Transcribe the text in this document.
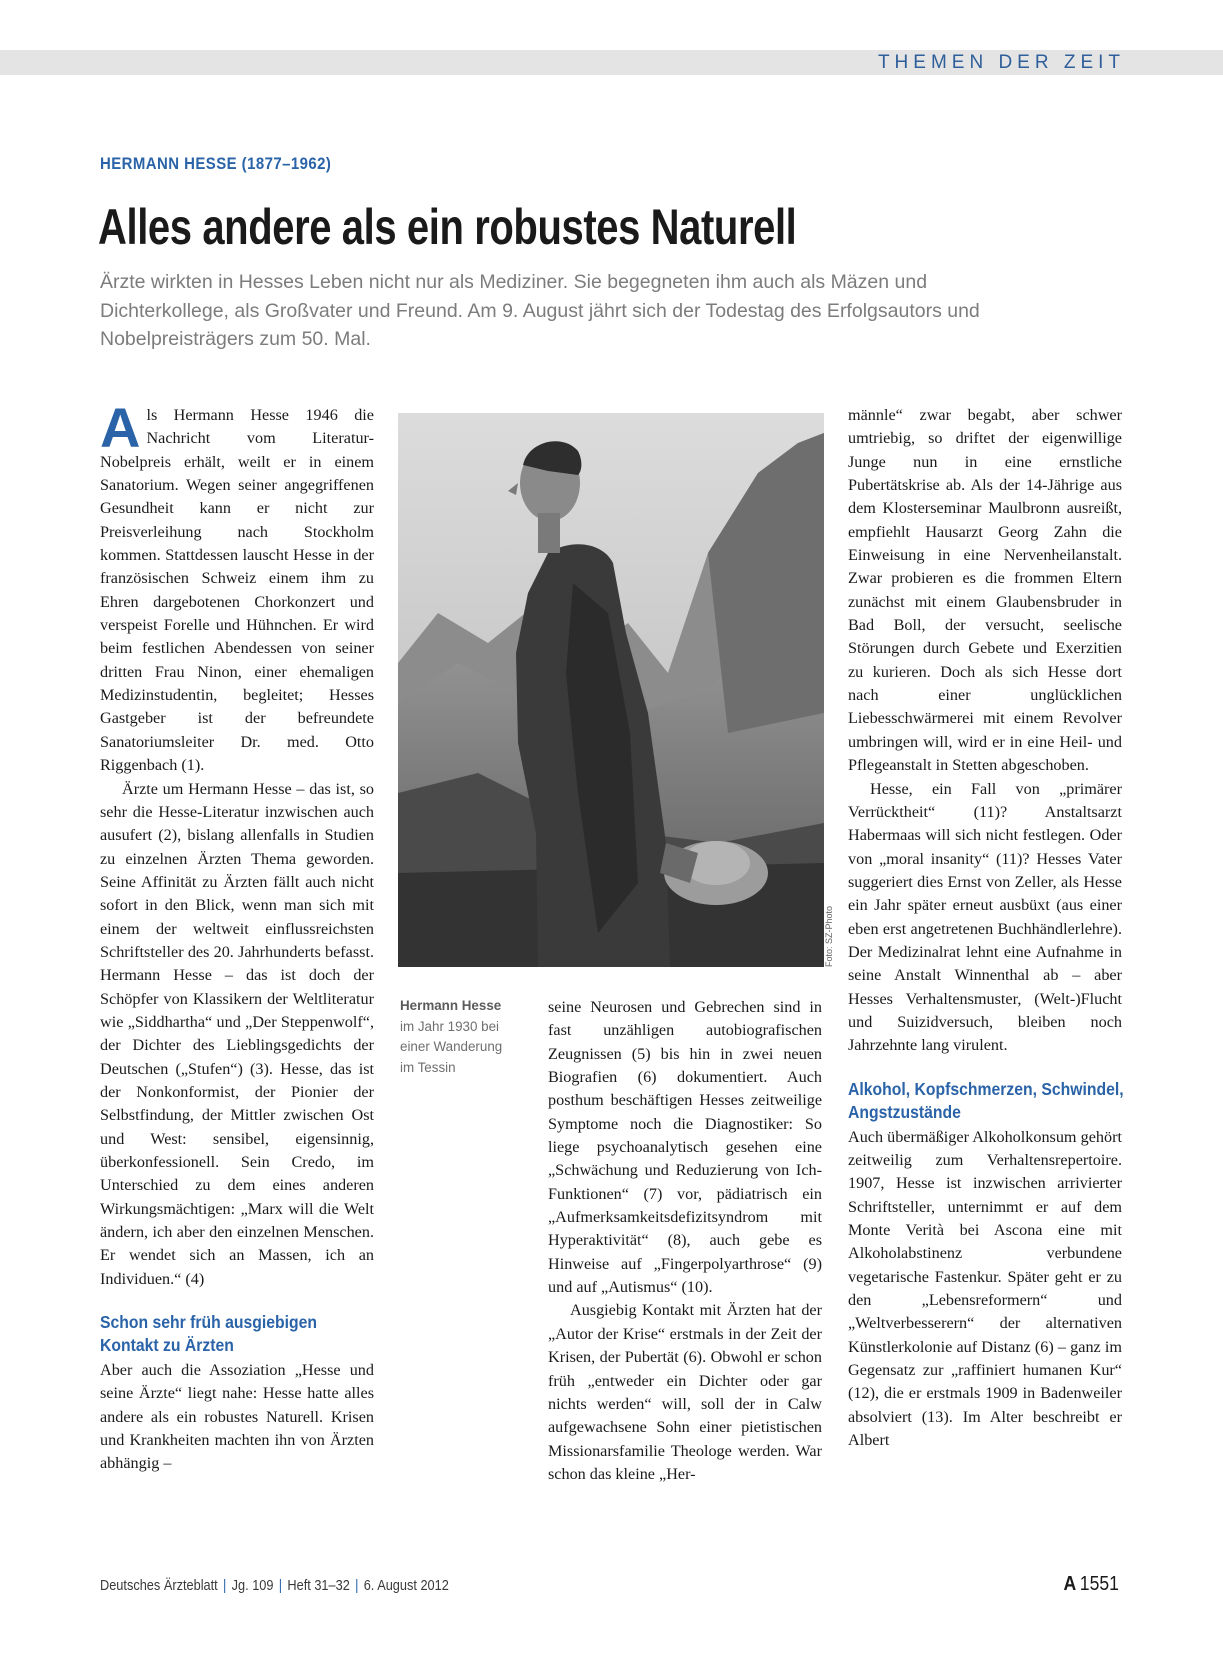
THEMEN DER ZEIT
HERMANN HESSE (1877–1962)
Alles andere als ein robustes Naturell
Ärzte wirkten in Hesses Leben nicht nur als Mediziner. Sie begegneten ihm auch als Mäzen und Dichterkollege, als Großvater und Freund. Am 9. August jährt sich der Todestag des Erfolgsautors und Nobelpreisträgers zum 50. Mal.

Als Hermann Hesse 1946 die Nachricht vom Literatur-Nobelpreis erhält, weilt er in einem Sanatorium. Wegen seiner angegriffenen Gesundheit kann er nicht zur Preisverleihung nach Stockholm kommen. Stattdessen lauscht Hesse in der französischen Schweiz einem ihm zu Ehren dargebotenen Chorkonzert und verspeist Forelle und Hühnchen. Er wird beim festlichen Abendessen von seiner dritten Frau Ninon, einer ehemaligen Medizinstudentin, begleitet; Hesses Gastgeber ist der befreundete Sanatoriumsleiter Dr. med. Otto Riggenbach (1).

Ärzte um Hermann Hesse – das ist, so sehr die Hesse-Literatur inzwischen auch ausufert (2), bislang allenfalls in Studien zu einzelnen Ärzten Thema geworden. Seine Affinität zu Ärzten fällt auch nicht sofort in den Blick, wenn man sich mit einem der weltweit einflussreichsten Schriftsteller des 20. Jahrhunderts befasst. Hermann Hesse – das ist doch der Schöpfer von Klassikern der Weltliteratur wie „Siddhartha“ und „Der Steppenwolf“, der Dichter des Lieblingsgedichts der Deutschen („Stufen“) (3). Hesse, das ist der Nonkonformist, der Pionier der Selbstfindung, der Mittler zwischen Ost und West: sensibel, eigensinnig, überkonfessionell. Sein Credo, im Unterschied zu dem eines anderen Wirkungsmächtigen: „Marx will die Welt ändern, ich aber den einzelnen Menschen. Er wendet sich an Massen, ich an Individuen.“ (4)

Schon sehr früh ausgiebigen Kontakt zu Ärzten

Aber auch die Assoziation „Hesse und seine Ärzte“ liegt nahe: Hesse hatte alles andere als ein robustes Naturell. Krisen und Krankheiten machten ihn von Ärzten abhängig –

Foto: SZ-Photo
Hermann Hesse
im Jahr 1930 bei einer Wanderung im Tessin

seine Neurosen und Gebrechen sind in fast unzähligen autobiografischen Zeugnissen (5) bis hin in zwei neuen Biografien (6) dokumentiert. Auch posthum beschäftigen Hesses zeitweilige Symptome noch die Diagnostiker: So liege psychoanalytisch gesehen eine „Schwächung und Reduzierung von Ich-Funktionen“ (7) vor, pädiatrisch ein „Aufmerksamkeitsdefizitsyndrom mit Hyperaktivität“ (8), auch gebe es Hinweise auf „Fingerpolyarthrose“ (9) und auf „Autismus“ (10).

Ausgiebig Kontakt mit Ärzten hat der „Autor der Krise“ erstmals in der Zeit der Krisen, der Pubertät (6). Obwohl er schon früh „entweder ein Dichter oder gar nichts werden“ will, soll der in Calw aufgewachsene Sohn einer pietistischen Missionarsfamilie Theologe werden. War schon das kleine „Her-

männle“ zwar begabt, aber schwer umtriebig, so driftet der eigenwillige Junge nun in eine ernstliche Pubertätskrise ab. Als der 14-Jährige aus dem Klosterseminar Maulbronn ausreißt, empfiehlt Hausarzt Georg Zahn die Einweisung in eine Nervenheilanstalt. Zwar probieren es die frommen Eltern zunächst mit einem Glaubensbruder in Bad Boll, der versucht, seelische Störungen durch Gebete und Exerzitien zu kurieren. Doch als sich Hesse dort nach einer unglücklichen Liebesschwärmerei mit einem Revolver umbringen will, wird er in eine Heil- und Pflegeanstalt in Stetten abgeschoben.

Hesse, ein Fall von „primärer Verrücktheit“ (11)? Anstaltsarzt Habermaas will sich nicht festlegen. Oder von „moral insanity“ (11)? Hesses Vater suggeriert dies Ernst von Zeller, als Hesse ein Jahr später erneut ausbüxt (aus einer eben erst angetretenen Buchhändlerlehre). Der Medizinalrat lehnt eine Aufnahme in seine Anstalt Winnenthal ab – aber Hesses Verhaltensmuster, (Welt-)Flucht und Suizidversuch, bleiben noch Jahrzehnte lang virulent.

Alkohol, Kopfschmerzen, Schwindel, Angstzustände

Auch übermäßiger Alkoholkonsum gehört zeitweilig zum Verhaltensrepertoire. 1907, Hesse ist inzwischen arrivierter Schriftsteller, unternimmt er auf dem Monte Verità bei Ascona eine mit Alkoholabstinenz verbundene vegetarische Fastenkur. Später geht er zu den „Lebensreformern“ und „Weltverbesserern“ der alternativen Künstlerkolonie auf Distanz (6) – ganz im Gegensatz zur „raffiniert humanen Kur“ (12), die er erstmals 1909 in Badenweiler absolviert (13). Im Alter beschreibt er Albert

Deutsches Ärzteblatt | Jg. 109 | Heft 31–32 | 6. August 2012	A 1551
